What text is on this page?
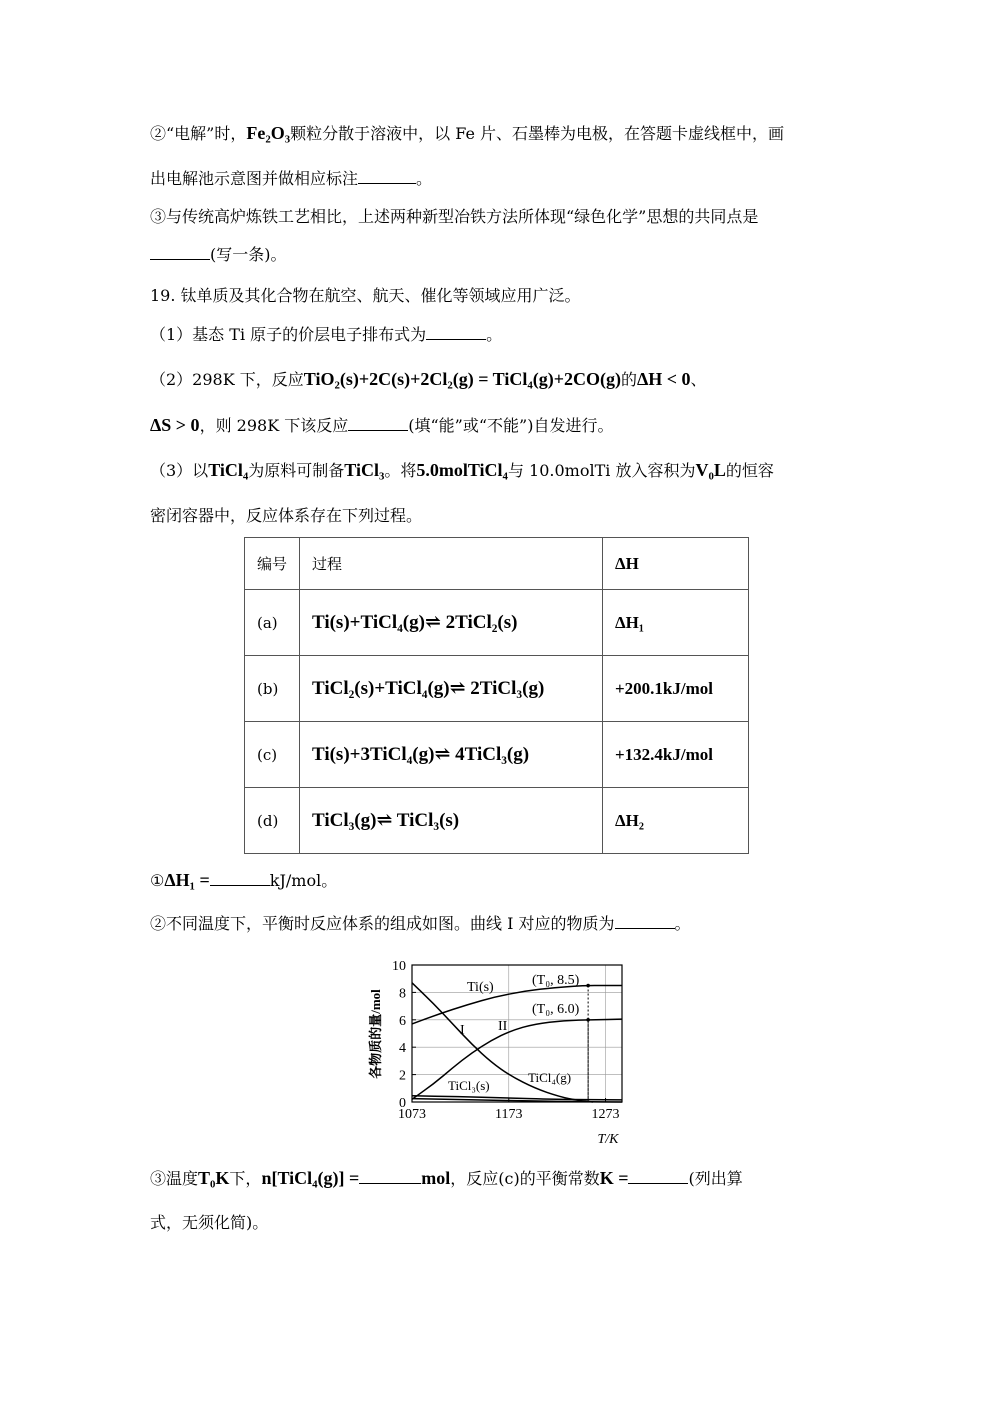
②“电解”时，Fe₂O₃颗粒分散于溶液中，以 Fe 片、石墨棒为电极，在答题卡虚线框中，画
出电解池示意图并做相应标注	。
③与传统高炉炼铁工艺相比，上述两种新型冶铁方法所体现“绿色化学”思想的共同点是
(写一条)。
19. 钛单质及其化合物在航空、航天、催化等领域应用广泛。
（1）基态 Ti 原子的价层电子排布式为	。
（2）298K 下，反应TiO₂(s)+2C(s)+2Cl₂(g) = TiCl₄(g)+2CO(g)的ΔH < 0、
ΔS > 0，则 298K 下该反应	(填“能”或“不能”)自发进行。
（3）以TiCl₄为原料可制备TiCl₃。将5.0molTiCl₄与 10.0molTi 放入容积为V₀L的恒容
密闭容器中，反应体系存在下列过程。
编号	过程	ΔH
(a)	Ti(s)+TiCl₄(g)⇌ 2TiCl₂(s)	ΔH₁
(b)	TiCl₂(s)+TiCl₄(g)⇌ 2TiCl₃(g)	+200.1kJ/mol
(c)	Ti(s)+3TiCl₄(g)⇌ 4TiCl₃(g)	+132.4kJ/mol
(d)	TiCl₃(g)⇌ TiCl₃(s)	ΔH₂
①ΔH₁ =	kJ/mol。
②不同温度下，平衡时反应体系的组成如图。曲线 I 对应的物质为	。
0
2
4
6
8
10
1073	1173	1273
各物质的量/mol
T/K
Ti(s)
I II
TiCl₃(s)
TiCl₄(g)
(T₀, 8.5)
(T₀, 6.0)
③温度T₀K下，n[TiCl₄(g)] =	mol，反应(c)的平衡常数K =	(列出算
式，无须化简)。
